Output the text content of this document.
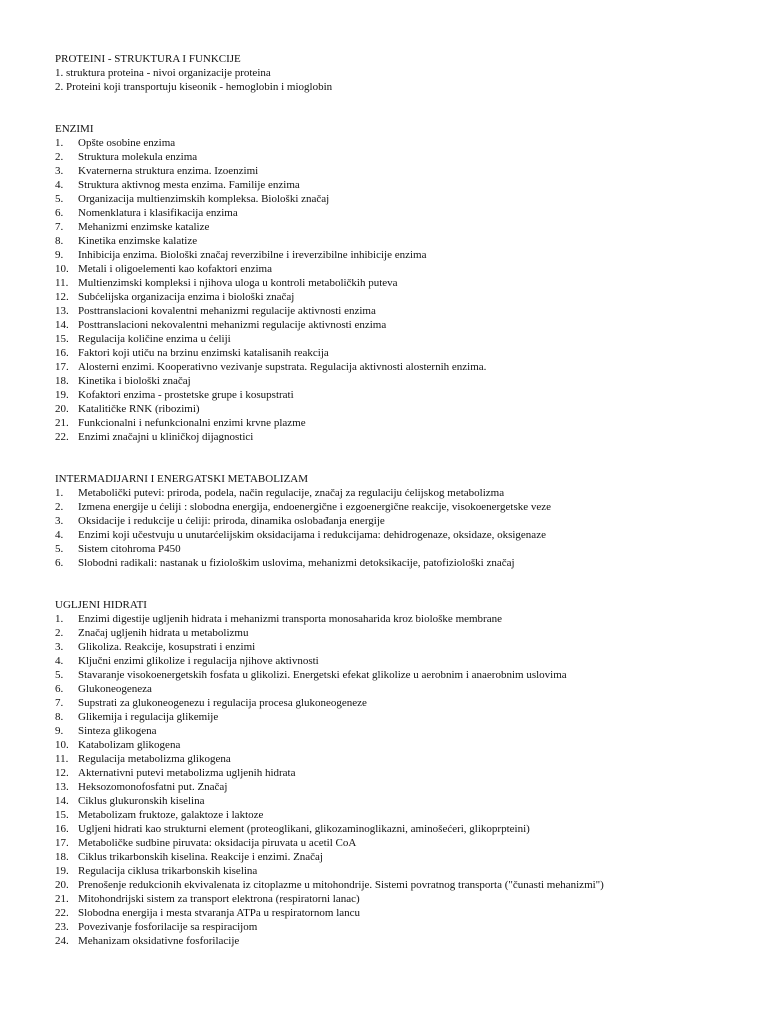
PROTEINI - STRUKTURA I FUNKCIJE
1. struktura proteina - nivoi organizacije proteina
2. Proteini koji transportuju kiseonik - hemoglobin i mioglobin
ENZIMI
1.	Opšte osobine enzima
2.	Struktura molekula enzima
3.	Kvaternerna struktura enzima. Izoenzimi
4.	Struktura aktivnog mesta enzima. Familije enzima
5.	Organizacija multienzimskih kompleksa. Biološki značaj
6.	Nomenklatura i klasifikacija enzima
7.	Mehanizmi enzimske katalize
8.	Kinetika enzimske kalatize
9.	Inhibicija enzima. Biološki značaj reverzibilne i ireverzibilne inhibicije enzima
10. Metali i oligoelementi kao kofaktori enzima
11. Multienzimski kompleksi i njihova uloga u kontroli metaboličkih puteva
12. Subćelijska organizacija enzima i biološki značaj
13. Posttranslacioni kovalentni mehanizmi regulacije aktivnosti enzima
14. Posttranslacioni nekovalentni mehanizmi regulacije aktivnosti enzima
15. Regulacija količine enzima u ćeliji
16. Faktori koji utiču na brzinu enzimski katalisanih reakcija
17. Alosterni enzimi. Kooperativno vezivanje supstrata. Regulacija aktivnosti alosternih enzima.
18. Kinetika i biološki značaj
19. Kofaktori enzima - prostetske grupe i kosupstrati
20. Katalitičke RNK (ribozimi)
21. Funkcionalni i nefunkcionalni enzimi krvne plazme
22. Enzimi značajni u kliničkoj dijagnostici
INTERMADIJARNI I ENERGATSKI METABOLIZAM
1.	Metabolički putevi: priroda, podela, način regulacije, značaj za regulaciju ćelijskog metabolizma
2.	Izmena energije u ćeliji : slobodna energija, endoenergične i ezgoenergične reakcije, visokoenergetske veze
3.	Oksidacije i redukcije u ćeliji: priroda, dinamika oslobađanja energije
4.	Enzimi koji učestvuju u unutarćelijskim oksidacijama i redukcijama: dehidrogenaze, oksidaze, oksigenaze
5.	Sistem citohroma P450
6.	Slobodni radikali: nastanak u fiziološkim uslovima, mehanizmi detoksikacije, patofiziološki značaj
UGLJENI HIDRATI
1.	Enzimi digestije ugljenih hidrata i mehanizmi transporta monosaharida kroz biološke membrane
2.	Značaj ugljenih hidrata u metabolizmu
3.	Glikoliza. Reakcije, kosupstrati i enzimi
4.	Ključni enzimi glikolize i regulacija njihove aktivnosti
5.	Stavaranje visokoenergetskih fosfata u glikolizi. Energetski efekat glikolize u aerobnim i anaerobnim uslovima
6.	Glukoneogeneza
7.	Supstrati za glukoneogenezu i regulacija procesa glukoneogeneze
8.	Glikemija i regulacija glikemije
9.	Sinteza glikogena
10. Katabolizam glikogena
11. Regulacija metabolizma glikogena
12. Akternativni putevi metabolizma ugljenih hidrata
13. Heksozomonofosfatni put. Značaj
14. Ciklus glukuronskih kiselina
15. Metabolizam fruktoze, galaktoze i laktoze
16. Ugljeni hidrati kao strukturni element (proteoglikani, glikozaminoglikazni, aminošećeri, glikoprpteini)
17. Metaboličke sudbine piruvata: oksidacija piruvata u acetil CoA
18. Ciklus trikarbonskih kiselina. Reakcije i enzimi. Značaj
19. Regulacija ciklusa trikarbonskih kiselina
20. Prenošenje redukcionih ekvivalenata iz citoplazme u mitohondrije. Sistemi povratnog transporta ("čunasti mehanizmi")
21. Mitohondrijski sistem za transport elektrona (respiratorni lanac)
22. Slobodna energija i mesta stvaranja ATPa u respiratornom lancu
23. Povezivanje fosforilacije sa respiracijom
24. Mehanizam oksidativne fosforilacije
